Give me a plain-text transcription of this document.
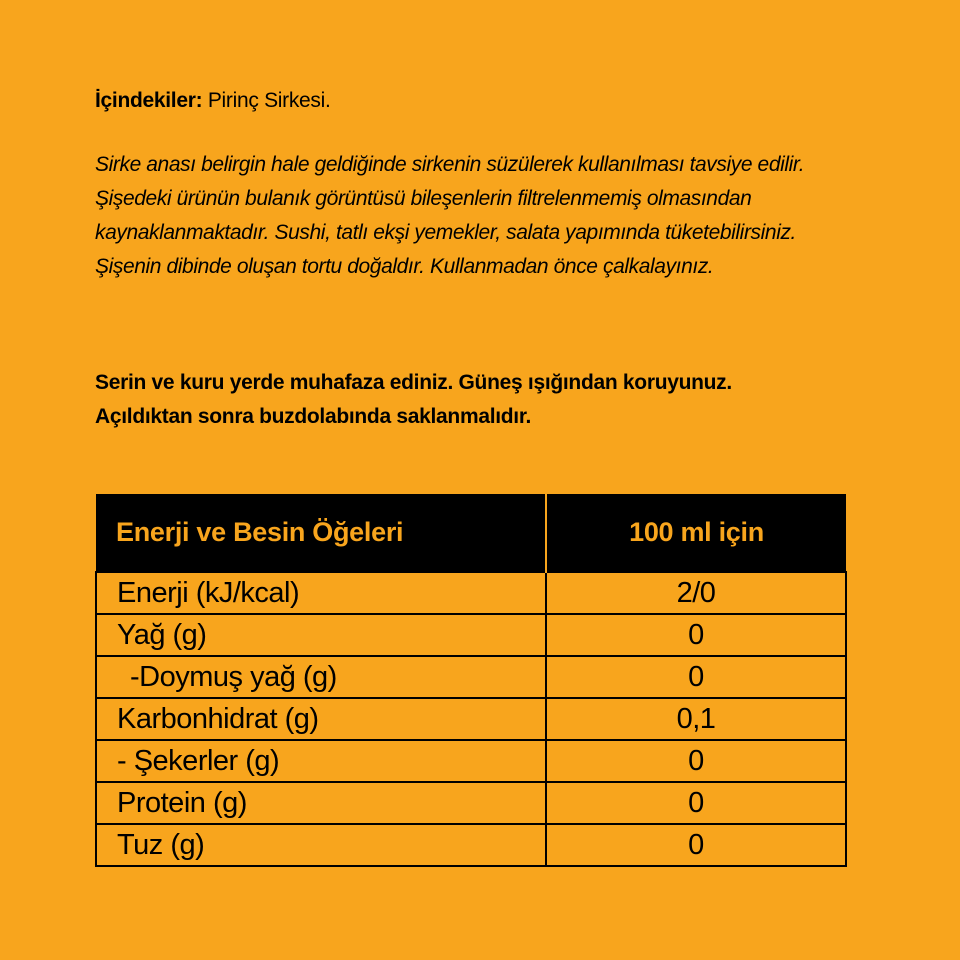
İçindekiler: Pirinç Sirkesi.
Sirke anası belirgin hale geldiğinde sirkenin süzülerek kullanılması tavsiye edilir. Şişedeki ürünün bulanık görüntüsü bileşenlerin filtrelenmemiş olmasından kaynaklanmaktadır. Sushi, tatlı ekşi yemekler, salata yapımında tüketebilirsiniz. Şişenin dibinde oluşan tortu doğaldır. Kullanmadan önce çalkalayınız.

Serin ve kuru yerde muhafaza ediniz. Güneş ışığından koruyunuz.

Açıldıktan sonra buzdolabında saklanmalıdır.

Enerji ve Besin Öğeleri	100 ml için
Enerji (kJ/kcal)	2/0
Yağ (g)	0
-Doymuş yağ (g)	0
Karbonhidrat (g)	0,1
- Şekerler (g)	0
Protein (g)	0
Tuz (g)	0
